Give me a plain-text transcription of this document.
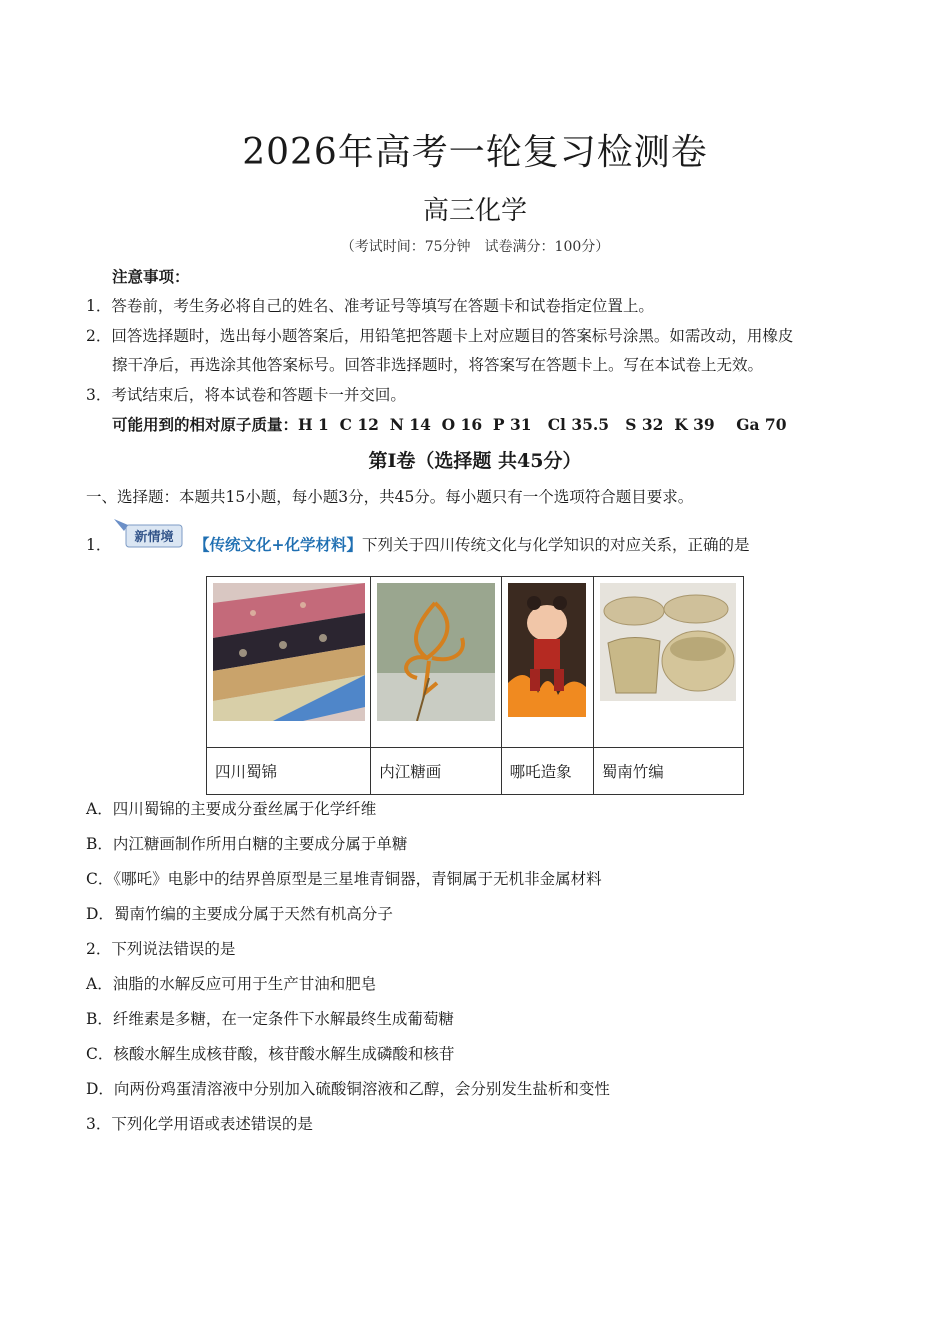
2026年高考一轮复习检测卷
高三化学
（考试时间：75分钟　试卷满分：100分）
注意事项：
1．答卷前，考生务必将自己的姓名、准考证号等填写在答题卡和试卷指定位置上。
2．回答选择题时，选出每小题答案后，用铅笔把答题卡上对应题目的答案标号涂黑。如需改动，用橡皮
擦干净后，再选涂其他答案标号。回答非选择题时，将答案写在答题卡上。写在本试卷上无效。
3．考试结束后，将本试卷和答题卡一并交回。
可能用到的相对原子质量：H 1  C 12  N 14  O 16  P 31   Cl 35.5   S 32  K 39    Ga 70
第Ⅰ卷（选择题 共45分）
一、选择题：本题共15小题，每小题3分，共45分。每小题只有一个选项符合题目要求。
1． 新情境 【传统文化+化学材料】下列关于四川传统文化与化学知识的对应关系，正确的是

四川蜀锦	内江糖画	哪吒造象	蜀南竹编
A．四川蜀锦的主要成分蚕丝属于化学纤维
B．内江糖画制作所用白糖的主要成分属于单糖
C．《哪吒》电影中的结界兽原型是三星堆青铜器，青铜属于无机非金属材料
D．蜀南竹编的主要成分属于天然有机高分子
2．下列说法错误的是
A．油脂的水解反应可用于生产甘油和肥皂
B．纤维素是多糖，在一定条件下水解最终生成葡萄糖
C．核酸水解生成核苷酸，核苷酸水解生成磷酸和核苷
D．向两份鸡蛋清溶液中分别加入硫酸铜溶液和乙醇，会分别发生盐析和变性
3．下列化学用语或表述错误的是
